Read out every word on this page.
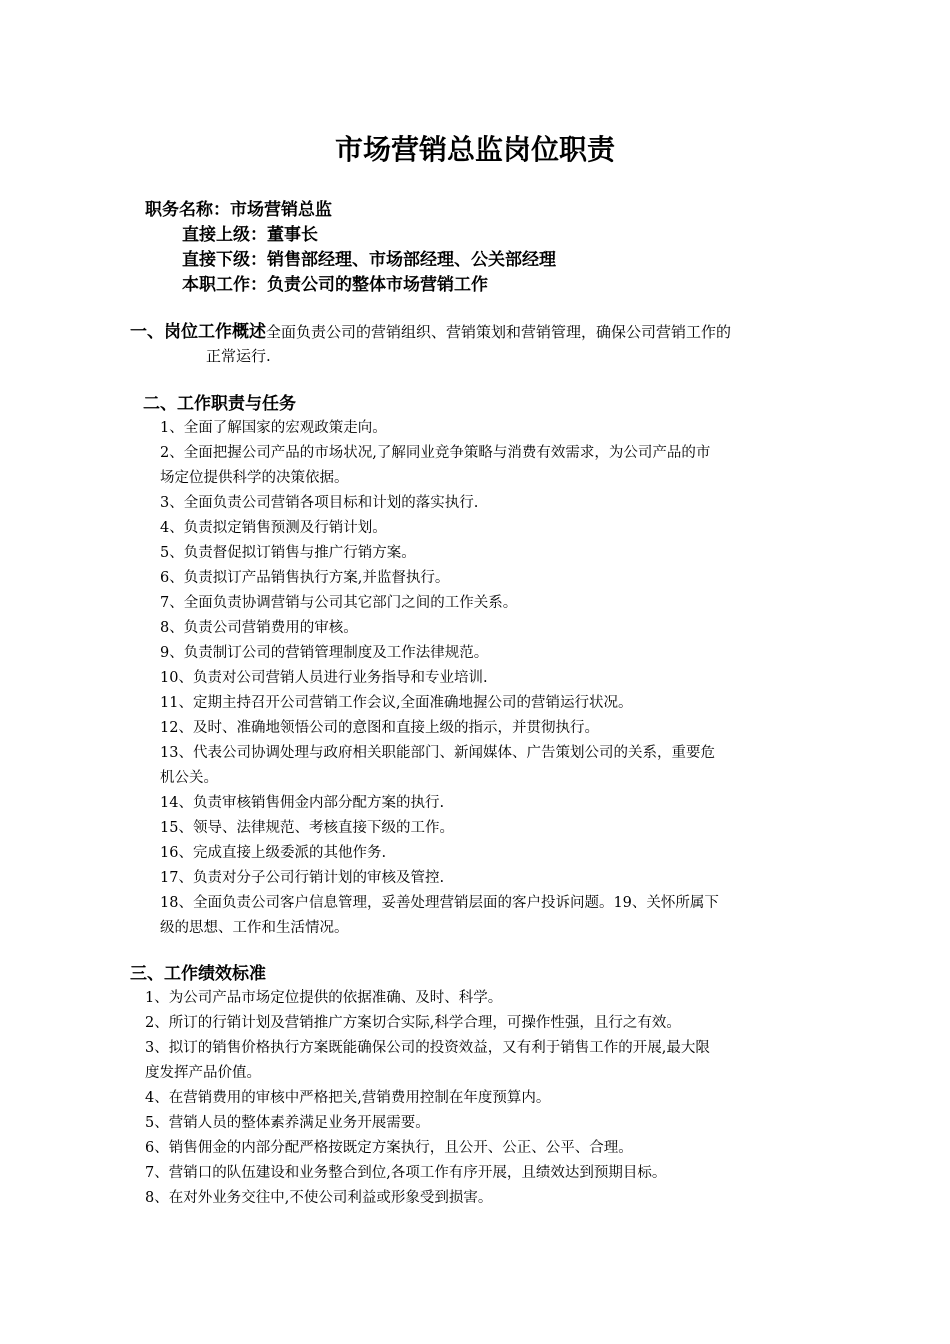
市场营销总监岗位职责
职务名称：市场营销总监
直接上级：董事长
直接下级：销售部经理、市场部经理、公关部经理
本职工作：负责公司的整体市场营销工作
一、岗位工作概述全面负责公司的营销组织、营销策划和营销管理，确保公司营销工作的
正常运行.
二、工作职责与任务
1、全面了解国家的宏观政策走向。
2、全面把握公司产品的市场状况,了解同业竞争策略与消费有效需求，为公司产品的市
场定位提供科学的决策依据。
3、全面负责公司营销各项目标和计划的落实执行.
4、负责拟定销售预测及行销计划。
5、负责督促拟订销售与推广行销方案。
6、负责拟订产品销售执行方案,并监督执行。
7、全面负责协调营销与公司其它部门之间的工作关系。
8、负责公司营销费用的审核。
9、负责制订公司的营销管理制度及工作法律规范。
10、负责对公司营销人员进行业务指导和专业培训.
11、定期主持召开公司营销工作会议,全面准确地握公司的营销运行状况。
12、及时、准确地领悟公司的意图和直接上级的指示，并贯彻执行。
13、代表公司协调处理与政府相关职能部门、新闻媒体、广告策划公司的关系，重要危
机公关。
14、负责审核销售佣金内部分配方案的执行.
15、领导、法律规范、考核直接下级的工作。
16、完成直接上级委派的其他作务.
17、负责对分子公司行销计划的审核及管控.
18、全面负责公司客户信息管理，妥善处理营销层面的客户投诉问题。19、关怀所属下
级的思想、工作和生活情况。
三、工作绩效标准
1、为公司产品市场定位提供的依据准确、及时、科学。
2、所订的行销计划及营销推广方案切合实际,科学合理，可操作性强，且行之有效。
3、拟订的销售价格执行方案既能确保公司的投资效益，又有利于销售工作的开展,最大限
度发挥产品价值。
4、在营销费用的审核中严格把关,营销费用控制在年度预算内。
5、营销人员的整体素养满足业务开展需要。
6、销售佣金的内部分配严格按既定方案执行，且公开、公正、公平、合理。
7、营销口的队伍建设和业务整合到位,各项工作有序开展，且绩效达到预期目标。
8、在对外业务交往中,不使公司利益或形象受到损害。
